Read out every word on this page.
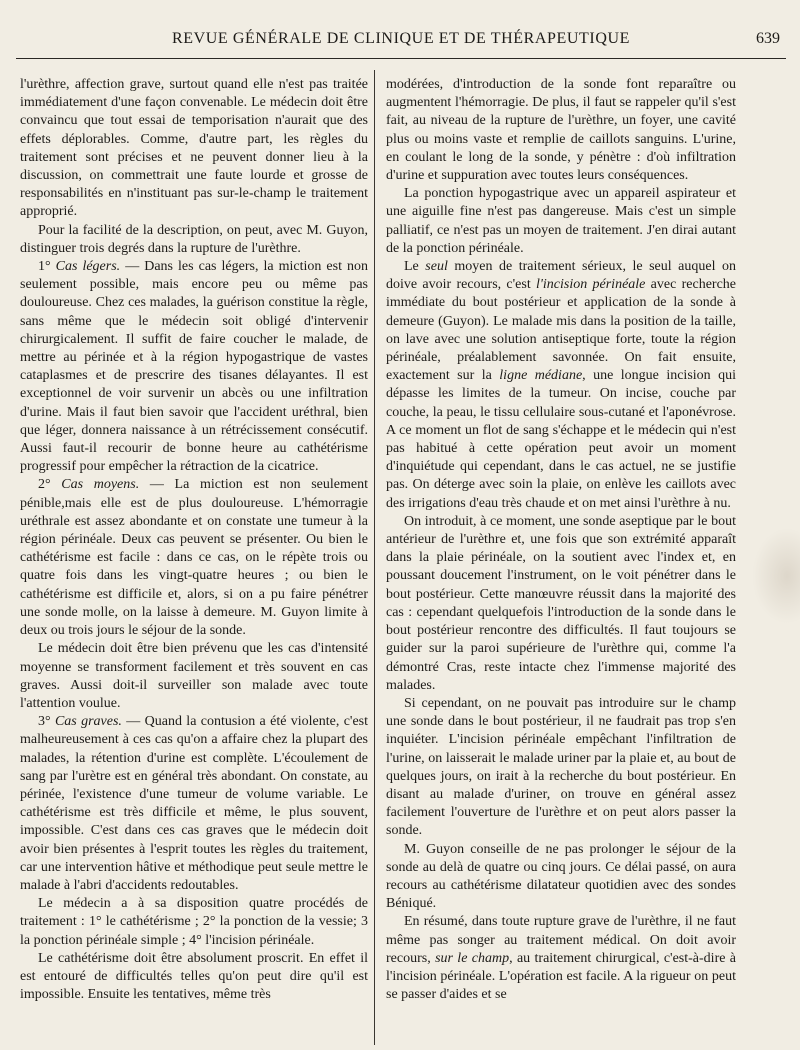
REVUE GÉNÉRALE DE CLINIQUE ET DE THÉRAPEUTIQUE	639

l'urèthre, affection grave, surtout quand elle n'est pas traitée immédiatement d'une façon convenable. Le médecin doit être convaincu que tout essai de temporisation n'aurait que des effets déplorables. Comme, d'autre part, les règles du traitement sont précises et ne peuvent donner lieu à la discussion, on commettrait une faute lourde et grosse de responsabilités en n'instituant pas sur-le-champ le traitement approprié.

Pour la facilité de la description, on peut, avec M. Guyon, distinguer trois degrés dans la rupture de l'urèthre.

1° Cas légers. — Dans les cas légers, la miction est non seulement possible, mais encore peu ou même pas douloureuse. Chez ces malades, la guérison constitue la règle, sans même que le médecin soit obligé d'intervenir chirurgicalement. Il suffit de faire coucher le malade, de mettre au périnée et à la région hypogastrique de vastes cataplasmes et de prescrire des tisanes délayantes. Il est exceptionnel de voir survenir un abcès ou une infiltration d'urine. Mais il faut bien savoir que l'accident uréthral, bien que léger, donnera naissance à un rétrécissement consécutif. Aussi faut-il recourir de bonne heure au cathétérisme progressif pour empêcher la rétraction de la cicatrice.

2° Cas moyens. — La miction est non seulement pénible,mais elle est de plus douloureuse. L'hémorragie uréthrale est assez abondante et on constate une tumeur à la région périnéale. Deux cas peuvent se présenter. Ou bien le cathétérisme est facile : dans ce cas, on le répète trois ou quatre fois dans les vingt-quatre heures ; ou bien le cathétérisme est difficile et, alors, si on a pu faire pénétrer une sonde molle, on la laisse à demeure. M. Guyon limite à deux ou trois jours le séjour de la sonde.

Le médecin doit être bien prévenu que les cas d'intensité moyenne se transforment facilement et très souvent en cas graves. Aussi doit-il surveiller son malade avec toute l'attention voulue.

3° Cas graves. — Quand la contusion a été violente, c'est malheureusement à ces cas qu'on a affaire chez la plupart des malades, la rétention d'urine est complète. L'écoulement de sang par l'urètre est en général très abondant. On constate, au périnée, l'existence d'une tumeur de volume variable. Le cathétérisme est très difficile et même, le plus souvent, impossible. C'est dans ces cas graves que le médecin doit avoir bien présentes à l'esprit toutes les règles du traitement, car une intervention hâtive et méthodique peut seule mettre le malade à l'abri d'accidents redoutables.

Le médecin a à sa disposition quatre procédés de traitement : 1° le cathétérisme ; 2° la ponction de la vessie; 3 la ponction périnéale simple ; 4° l'incision périnéale.

Le cathétérisme doit être absolument proscrit. En effet il est entouré de difficultés telles qu'on peut dire qu'il est impossible. Ensuite les tentatives, même très

modérées, d'introduction de la sonde font reparaître ou augmentent l'hémorragie. De plus, il faut se rappeler qu'il s'est fait, au niveau de la rupture de l'urèthre, un foyer, une cavité plus ou moins vaste et remplie de caillots sanguins. L'urine, en coulant le long de la sonde, y pénètre : d'où infiltration d'urine et suppuration avec toutes leurs conséquences.

La ponction hypogastrique avec un appareil aspirateur et une aiguille fine n'est pas dangereuse. Mais c'est un simple palliatif, ce n'est pas un moyen de traitement. J'en dirai autant de la ponction périnéale.

Le seul moyen de traitement sérieux, le seul auquel on doive avoir recours, c'est l'incision périnéale avec recherche immédiate du bout postérieur et application de la sonde à demeure (Guyon). Le malade mis dans la position de la taille, on lave avec une solution antiseptique forte, toute la région périnéale, préalablement savonnée. On fait ensuite, exactement sur la ligne médiane, une longue incision qui dépasse les limites de la tumeur. On incise, couche par couche, la peau, le tissu cellulaire sous-cutané et l'aponévrose. A ce moment un flot de sang s'échappe et le médecin qui n'est pas habitué à cette opération peut avoir un moment d'inquiétude qui cependant, dans le cas actuel, ne se justifie pas. On déterge avec soin la plaie, on enlève les caillots avec des irrigations d'eau très chaude et on met ainsi l'urèthre à nu.

On introduit, à ce moment, une sonde aseptique par le bout antérieur de l'urèthre et, une fois que son extrémité apparaît dans la plaie périnéale, on la soutient avec l'index et, en poussant doucement l'instrument, on le voit pénétrer dans le bout postérieur. Cette manœuvre réussit dans la majorité des cas : cependant quelquefois l'introduction de la sonde dans le bout postérieur rencontre des difficultés. Il faut toujours se guider sur la paroi supérieure de l'urèthre qui, comme l'a démontré Cras, reste intacte chez l'immense majorité des malades.

Si cependant, on ne pouvait pas introduire sur le champ une sonde dans le bout postérieur, il ne faudrait pas trop s'en inquiéter. L'incision périnéale empêchant l'infiltration de l'urine, on laisserait le malade uriner par la plaie et, au bout de quelques jours, on irait à la recherche du bout postérieur. En disant au malade d'uriner, on trouve en général assez facilement l'ouverture de l'urèthre et on peut alors passer la sonde.

M. Guyon conseille de ne pas prolonger le séjour de la sonde au delà de quatre ou cinq jours. Ce délai passé, on aura recours au cathétérisme dilatateur quotidien avec des sondes Béniqué.

En résumé, dans toute rupture grave de l'urèthre, il ne faut même pas songer au traitement médical. On doit avoir recours, sur le champ, au traitement chirurgical, c'est-à-dire à l'incision périnéale. L'opération est facile. A la rigueur on peut se passer d'aides et se
